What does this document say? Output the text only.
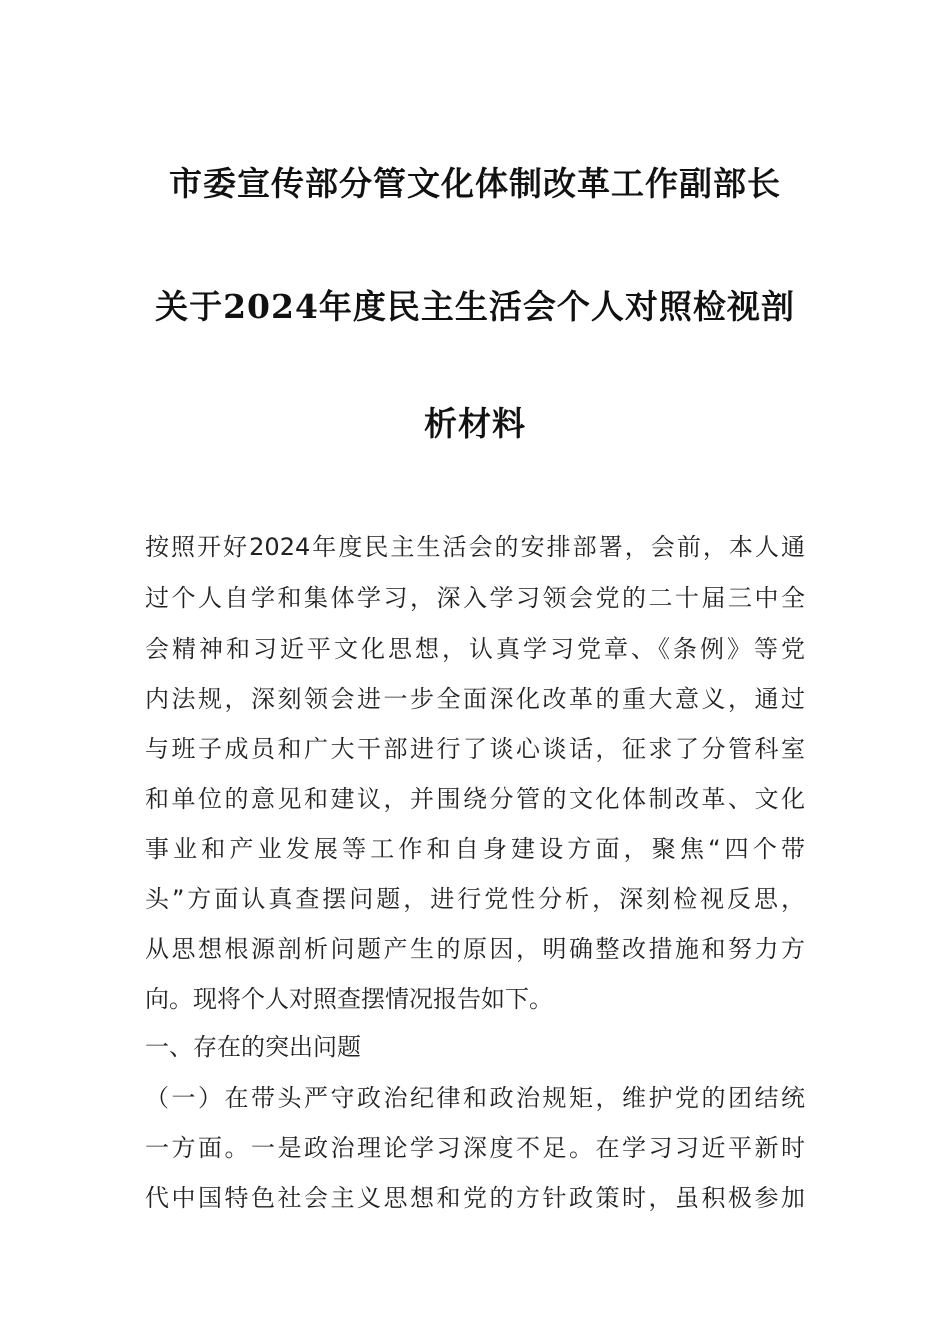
市委宣传部分管文化体制改革工作副部长
关于2024年度民主生活会个人对照检视剖
析材料
按照开好2024年度民主生活会的安排部署，会前，本人通
过个人自学和集体学习，深入学习领会党的二十届三中全
会精神和习近平文化思想，认真学习党章、《条例》等党
内法规，深刻领会进一步全面深化改革的重大意义，通过
与班子成员和广大干部进行了谈心谈话，征求了分管科室
和单位的意见和建议，并围绕分管的文化体制改革、文化
事业和产业发展等工作和自身建设方面，聚焦“四个带
头”方面认真查摆问题，进行党性分析，深刻检视反思，
从思想根源剖析问题产生的原因，明确整改措施和努力方
向。现将个人对照查摆情况报告如下。
一、存在的突出问题
（一）在带头严守政治纪律和政治规矩，维护党的团结统
一方面。一是政治理论学习深度不足。在学习习近平新时
代中国特色社会主义思想和党的方针政策时，虽积极参加
